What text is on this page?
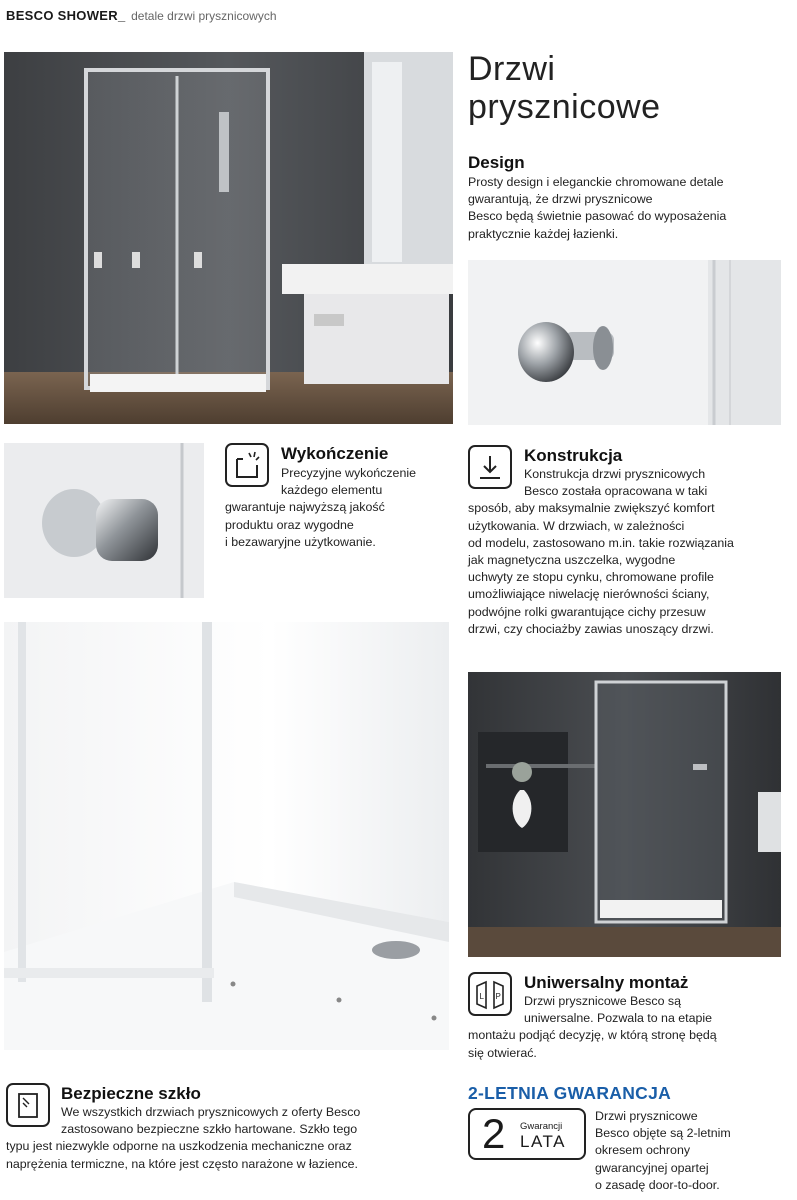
BESCO SHOWER_ detale drzwi prysznicowych
Drzwi
prysznicowe
Design
Prosty design i eleganckie chromowane detale
gwarantują, że drzwi prysznicowe
Besco będą świetnie pasować do wyposażenia
praktycznie każdej łazienki.
Wykończenie
Precyzyjne wykończenie
każdego elementu
gwarantuje najwyższą jakość
produktu oraz wygodne
i bezawaryjne użytkowanie.
Konstrukcja
Konstrukcja drzwi prysznicowych
Besco została opracowana w taki
sposób, aby maksymalnie zwiększyć komfort
użytkowania. W drzwiach, w zależności
od modelu, zastosowano m.in. takie rozwiązania
jak magnetyczna uszczelka, wygodne
uchwyty ze stopu cynku, chromowane profile
umożliwiające niwelację nierówności ściany,
podwójne rolki gwarantujące cichy przesuw
drzwi, czy chociażby zawias unoszący drzwi.
L P
Uniwersalny montaż
Drzwi prysznicowe Besco są
uniwersalne. Pozwala to na etapie
montażu podjąć decyzję, w którą stronę będą
się otwierać.
Bezpieczne szkło
We wszystkich drzwiach prysznicowych z oferty Besco
zastosowano bezpieczne szkło hartowane. Szkło tego
typu jest niezwykle odporne na uszkodzenia mechaniczne oraz
naprężenia termiczne, na które jest często narażone w łazience.
2-LETNIA GWARANCJA
2 Gwarancji
LATA
Drzwi prysznicowe
Besco objęte są 2-letnim
okresem ochrony
gwarancyjnej opartej
o zasadę door-to-door.
